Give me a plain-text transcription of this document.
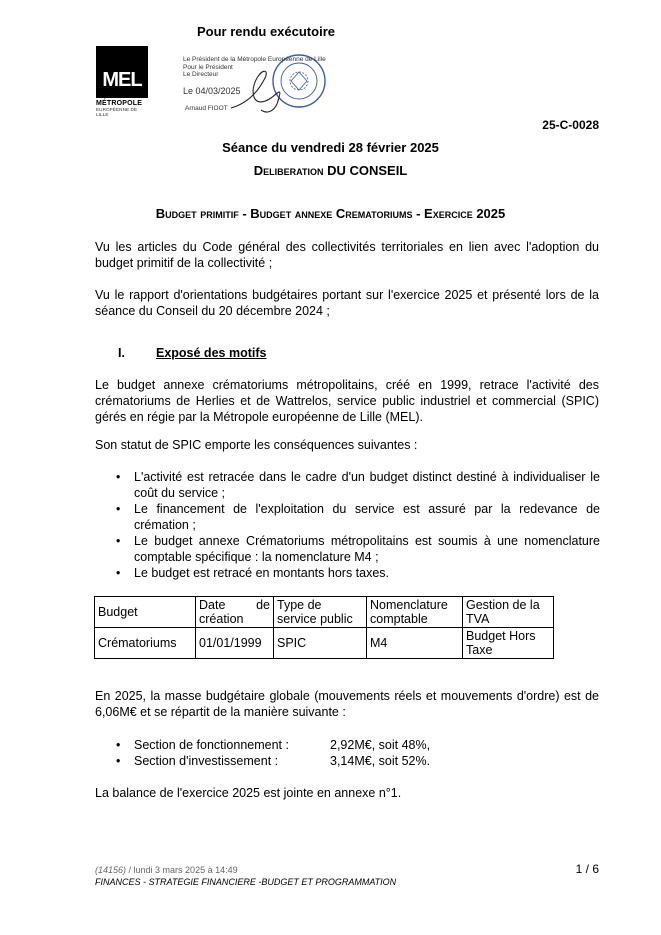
Pour rendu exécutoire
MEL
MÉTROPOLE
EUROPÉENNE DE LILLE
Le Président de la Métropole Européenne de Lille
Pour le Président
Le Directeur
Le 04/03/2025
Arnaud FIOOT
25-C-0028
Séance du vendredi 28 février 2025
Deliberation DU CONSEIL
Budget primitif - Budget annexe Crematoriums - Exercice 2025
Vu les articles du Code général des collectivités territoriales en lien avec l'adoption du budget primitif de la collectivité ;
Vu le rapport d'orientations budgétaires portant sur l'exercice 2025 et présenté lors de la séance du Conseil du 20 décembre 2024 ;
I. Exposé des motifs
Le budget annexe crématoriums métropolitains, créé en 1999, retrace l'activité des crématoriums de Herlies et de Wattrelos, service public industriel et commercial (SPIC) gérés en régie par la Métropole européenne de Lille (MEL).
Son statut de SPIC emporte les conséquences suivantes :
• L'activité est retracée dans le cadre d'un budget distinct destiné à individualiser le coût du service ;
• Le financement de l'exploitation du service est assuré par la redevance de crémation ;
• Le budget annexe Crématoriums métropolitains est soumis à une nomenclature comptable spécifique : la nomenclature M4 ;
• Le budget est retracé en montants hors taxes.
Budget	Date de création	Type de service public	Nomenclature comptable	Gestion de la TVA
Crématoriums	01/01/1999	SPIC	M4	Budget Hors Taxe
En 2025, la masse budgétaire globale (mouvements réels et mouvements d'ordre) est de 6,06M€ et se répartit de la manière suivante :
• Section de fonctionnement :	2,92M€, soit 48%,
• Section d'investissement :	3,14M€, soit 52%.
La balance de l'exercice 2025 est jointe en annexe n°1.
(14156) / lundi 3 mars 2025 à 14:49
FINANCES - STRATEGIE FINANCIERE -BUDGET ET PROGRAMMATION
1 / 6
